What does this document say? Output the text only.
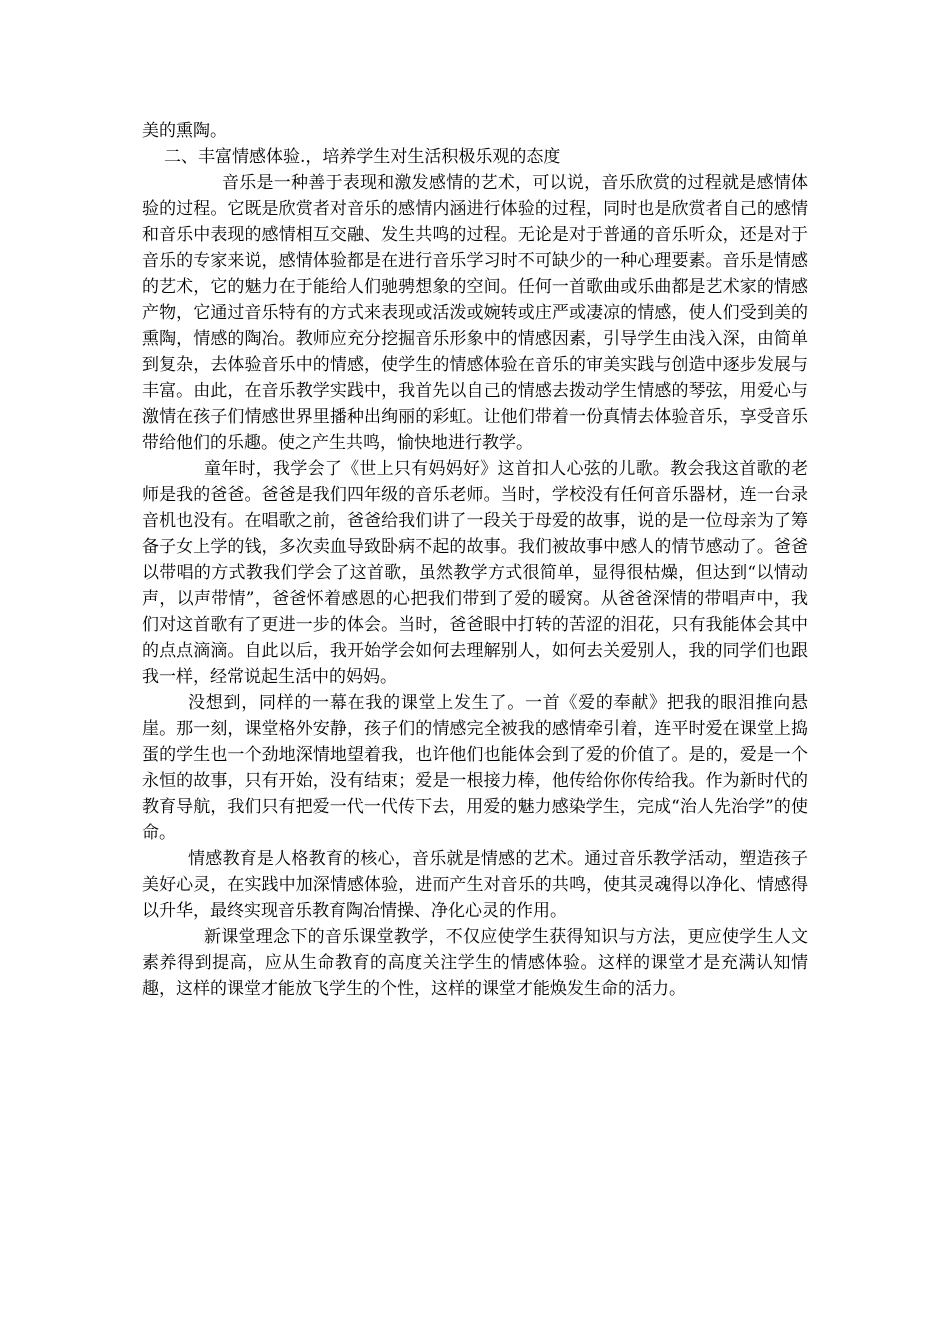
美的熏陶。

二、丰富情感体验.，培养学生对生活积极乐观的态度

音乐是一种善于表现和激发感情的艺术，可以说，音乐欣赏的过程就是感情体验的过程。它既是欣赏者对音乐的感情内涵进行体验的过程，同时也是欣赏者自己的感情和音乐中表现的感情相互交融、发生共鸣的过程。无论是对于普通的音乐听众，还是对于音乐的专家来说，感情体验都是在进行音乐学习时不可缺少的一种心理要素。音乐是情感的艺术，它的魅力在于能给人们驰骋想象的空间。任何一首歌曲或乐曲都是艺术家的情感产物，它通过音乐特有的方式来表现或活泼或婉转或庄严或凄凉的情感，使人们受到美的熏陶，情感的陶冶。教师应充分挖掘音乐形象中的情感因素，引导学生由浅入深，由简单到复杂，去体验音乐中的情感，使学生的情感体验在音乐的审美实践与创造中逐步发展与丰富。由此，在音乐教学实践中，我首先以自己的情感去拨动学生情感的琴弦，用爱心与激情在孩子们情感世界里播种出绚丽的彩虹。让他们带着一份真情去体验音乐，享受音乐带给他们的乐趣。使之产生共鸣，愉快地进行教学。

童年时，我学会了《世上只有妈妈好》这首扣人心弦的儿歌。教会我这首歌的老师是我的爸爸。爸爸是我们四年级的音乐老师。当时，学校没有任何音乐器材，连一台录音机也没有。在唱歌之前，爸爸给我们讲了一段关于母爱的故事，说的是一位母亲为了筹备子女上学的钱，多次卖血导致卧病不起的故事。我们被故事中感人的情节感动了。爸爸以带唱的方式教我们学会了这首歌，虽然教学方式很简单，显得很枯燥，但达到“以情动声，以声带情”，爸爸怀着感恩的心把我们带到了爱的暖窝。从爸爸深情的带唱声中，我们对这首歌有了更进一步的体会。当时，爸爸眼中打转的苦涩的泪花，只有我能体会其中的点点滴滴。自此以后，我开始学会如何去理解别人，如何去关爱别人，我的同学们也跟我一样，经常说起生活中的妈妈。

没想到，同样的一幕在我的课堂上发生了。一首《爱的奉献》把我的眼泪推向悬崖。那一刻，课堂格外安静，孩子们的情感完全被我的感情牵引着，连平时爱在课堂上捣蛋的学生也一个劲地深情地望着我，也许他们也能体会到了爱的价值了。是的，爱是一个永恒的故事，只有开始，没有结束；爱是一根接力棒，他传给你你传给我。作为新时代的教育导航，我们只有把爱一代一代传下去，用爱的魅力感染学生，完成“治人先治学”的使命。

情感教育是人格教育的核心，音乐就是情感的艺术。通过音乐教学活动，塑造孩子美好心灵，在实践中加深情感体验，进而产生对音乐的共鸣，使其灵魂得以净化、情感得以升华，最终实现音乐教育陶冶情操、净化心灵的作用。

新课堂理念下的音乐课堂教学，不仅应使学生获得知识与方法，更应使学生人文素养得到提高，应从生命教育的高度关注学生的情感体验。这样的课堂才是充满认知情趣，这样的课堂才能放飞学生的个性，这样的课堂才能焕发生命的活力。
